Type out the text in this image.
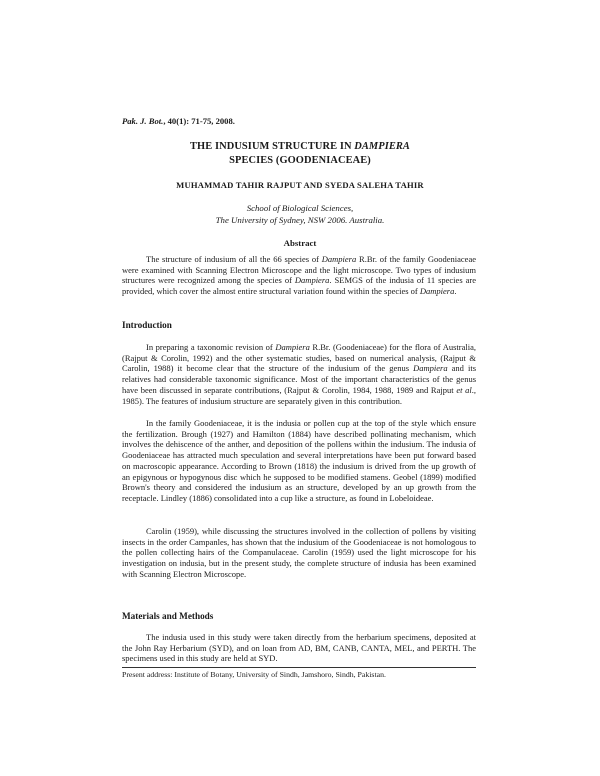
Pak. J. Bot., 40(1): 71-75, 2008.
THE INDUSIUM STRUCTURE IN DAMPIERA
SPECIES (GOODENIACEAE)
MUHAMMAD TAHIR RAJPUT AND SYEDA SALEHA TAHIR
School of Biological Sciences,
The University of Sydney, NSW 2006. Australia.
Abstract

The structure of indusium of all the 66 species of Dampiera R.Br. of the family Goodeniaceae were examined with Scanning Electron Microscope and the light microscope. Two types of indusium structures were recognized among the species of Dampiera. SEMGS of the indusia of 11 species are provided, which cover the almost entire structural variation found within the species of Dampiera.

Introduction

In preparing a taxonomic revision of Dampiera R.Br. (Goodeniaceae) for the flora of Australia, (Rajput & Corolin, 1992) and the other systematic studies, based on numerical analysis, (Rajput & Carolin, 1988) it become clear that the structure of the indusium of the genus Dampiera and its relatives had considerable taxonomic significance. Most of the important characteristics of the genus have been discussed in separate contributions, (Rajput & Corolin, 1984, 1988, 1989 and Rajput et al., 1985). The features of indusium structure are separately given in this contribution.

In the family Goodeniaceae, it is the indusia or pollen cup at the top of the style which ensure the fertilization. Brough (1927) and Hamilton (1884) have described pollinating mechanism, which involves the dehiscence of the anther, and deposition of the pollens within the indusium. The indusia of Goodeniaceae has attracted much speculation and several interpretations have been put forward based on macroscopic appearance. According to Brown (1818) the indusium is drived from the up growth of an epigynous or hypogynous disc which he supposed to be modified stamens. Geobel (1899) modified Brown's theory and considered the indusium as an structure, developed by an up growth from the receptacle. Lindley (1886) consolidated into a cup like a structure, as found in Lobeloideae.

Carolin (1959), while discussing the structures involved in the collection of pollens by visiting insects in the order Campanles, has shown that the indusium of the Goodeniaceae is not homologous to the pollen collecting hairs of the Companulaceae. Carolin (1959) used the light microscope for his investigation on indusia, but in the present study, the complete structure of indusia has been examined with Scanning Electron Microscope.

Materials and Methods

The indusia used in this study were taken directly from the herbarium specimens, deposited at the John Ray Herbarium (SYD), and on loan from AD, BM, CANB, CANTA, MEL, and PERTH. The specimens used in this study are held at SYD.

Present address: Institute of Botany, University of Sindh, Jamshoro, Sindh, Pakistan.
